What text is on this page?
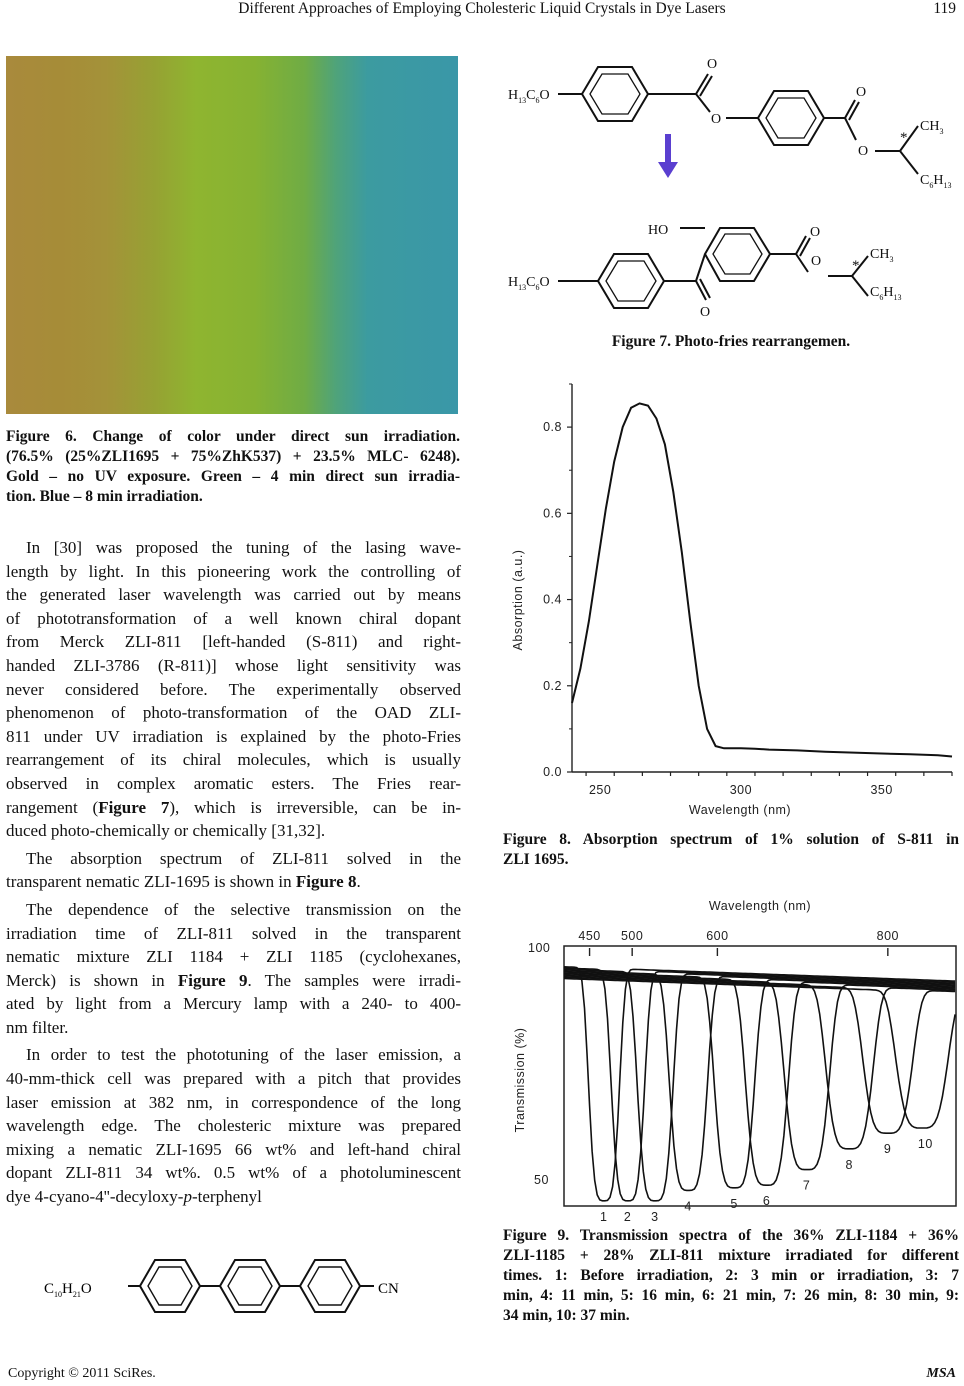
Different Approaches of Employing Cholesteric Liquid Crystals in Dye Lasers	119
Figure 6. Change of color under direct sun irradiation.
(76.5% (25%ZLI1695 + 75%ZhK537) + 23.5% MLC- 6248).
Gold – no UV exposure. Green – 4 min direct sun irradia-
tion. Blue – 8 min irradiation.
In [30] was proposed the tuning of the lasing wave-
length by light. In this pioneering work the controlling of
the generated laser wavelength was carried out by means
of phototransformation of a well known chiral dopant
from Merck ZLI-811 [left-handed (S-811) and right-
handed ZLI-3786 (R-811)] whose light sensitivity was
never considered before. The experimentally observed
phenomenon of photo-transformation of the OAD ZLI-
811 under UV irradiation is explained by the photo-Fries
rearrangement of its chiral molecules, which is usually
observed in complex aromatic esters. The Fries rear-
rangement (Figure 7), which is irreversible, can be in-
duced photo-chemically or chemically [31,32].
The absorption spectrum of ZLI-811 solved in the
transparent nematic ZLI-1695 is shown in Figure 8.
The dependence of the selective transmission on the
irradiation time of ZLI-811 solved in the transparent
nematic mixture ZLI 1184 + ZLI 1185 (cyclohexanes,
Merck) is shown in Figure 9. The samples were irradi-
ated by light from a Mercury lamp with a 240- to 400-
nm filter.
In order to test the phototuning of the laser emission, a
40-mm-thick cell was prepared with a pitch that provides
laser emission at 382 nm, in correspondence of the long
wavelength edge. The cholesteric mixture was prepared
mixing a nematic ZLI-1695 66 wt% and left-hand chiral
dopant ZLI-811 34 wt%. 0.5 wt% of a photoluminescent
dye 4-cyano-4''-decyloxy-p-terphenyl
$C_{10}H_{21}O$	CN
$H_{13}C_6O$
O
O
O
O
*
$CH_3$
$C_6H_{13}$
HO
$H_{13}C_6O$
O
O
O *
$CH_3$
$C_6H_{13}$
Figure 7. Photo-fries rearrangemen.
0.0
0.2
0.4
0.6
0.8
250	300	350
Wavelength (nm)
Absorption (a.u.)
Figure 8. Absorption spectrum of 1% solution of S-811 in
ZLI 1695.
Wavelength (nm)
450 500	600	800
1 2 3
4	5 6
7
8
9 10
100
50
Transmission (%)
Figure 9. Transmission spectra of the 36% ZLI-1184 + 36%
ZLI-1185 + 28% ZLI-811 mixture irradiated for different
times. 1: Before irradiation, 2: 3 min or irradiation, 3: 7
min, 4: 11 min, 5: 16 min, 6: 21 min, 7: 26 min, 8: 30 min, 9:
34 min, 10: 37 min.
Copyright © 2011 SciRes.	MSA
